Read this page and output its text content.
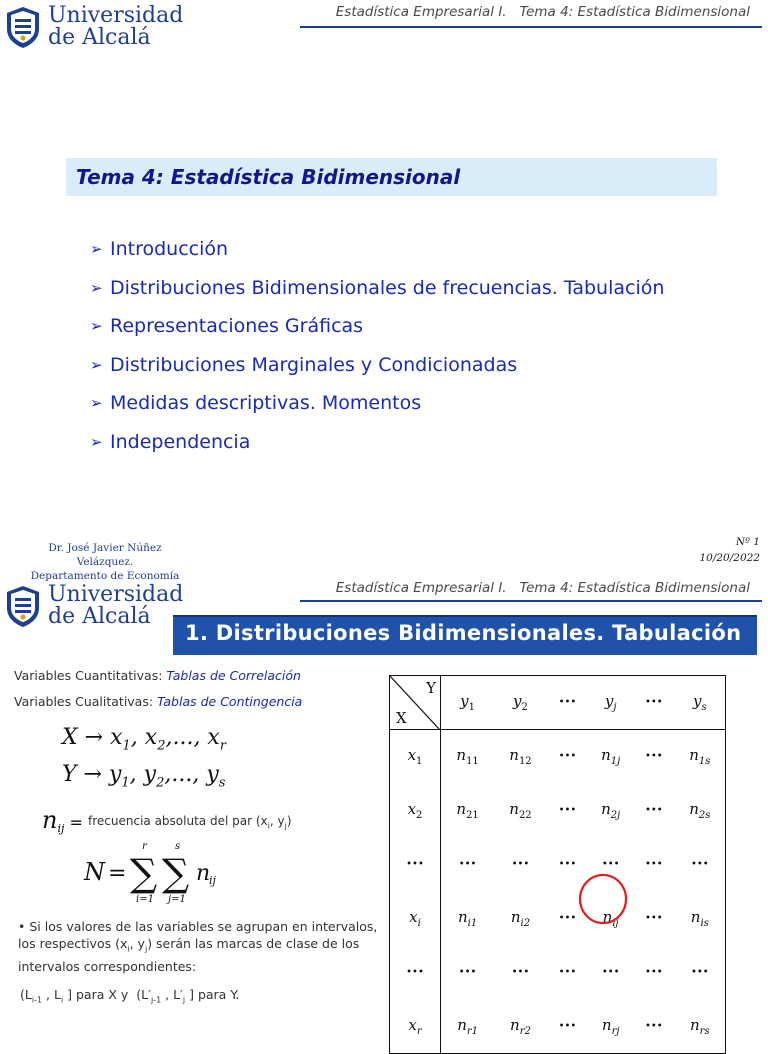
Universidad
de Alcalá
Estadística Empresarial I. Tema 4: Estadística Bidimensional
Tema 4: Estadística Bidimensional
➢ Introducción
➢ Distribuciones Bidimensionales de frecuencias. Tabulación
➢ Representaciones Gráficas
➢ Distribuciones Marginales y Condicionadas
➢ Medidas descriptivas. Momentos
➢ Independencia
Dr. José Javier Núñez Velázquez.
Departamento de Economía
Nº 1
10/20/2022
Universidad
de Alcalá
Estadística Empresarial I. Tema 4: Estadística Bidimensional
1. Distribuciones Bidimensionales. Tabulación
Variables Cuantitativas: Tablas de Correlación
Variables Cualitativas: Tablas de Contingencia
$X \to x_1$, $x_2$,..., $x_r$
$Y \to y_1$, $y_2$,..., $y_s$
$n_{ij}$ = frecuencia absoluta del par ($x_i$, $y_j$)
N =
r
∑
i=1
s
∑
j=1
n
ij
• Si los valores de las variables se agrupan en intervalos, los respectivos ($x_i$, $y_j$) serán las marcas de clase de los intervalos correspondientes:
($L_{i-1}$ , $L_i$ ] para X y  ($L'_{j-1}$ , $L'_j$ ] para Y.
Y
X	$y_1$	$y_2$	•••	$y_j$	•••	$y_s$
$x_1$	$n_{11}$	$n_{12}$	•••	$n_{1j}$	•••	$n_{1s}$
$x_2$	$n_{21}$	$n_{22}$	•••	$n_{2j}$	•••	$n_{2s}$
•••	•••	•••	•••	•••	•••	•••
$x_i$	$n_{i1}$	$n_{i2}$	•••	$n_{ij}$	•••	$n_{is}$
•••	•••	•••	•••	•••	•••	•••
$x_r$	$n_{r1}$	$n_{r2}$	•••	$n_{rj}$	•••	$n_{rs}$
